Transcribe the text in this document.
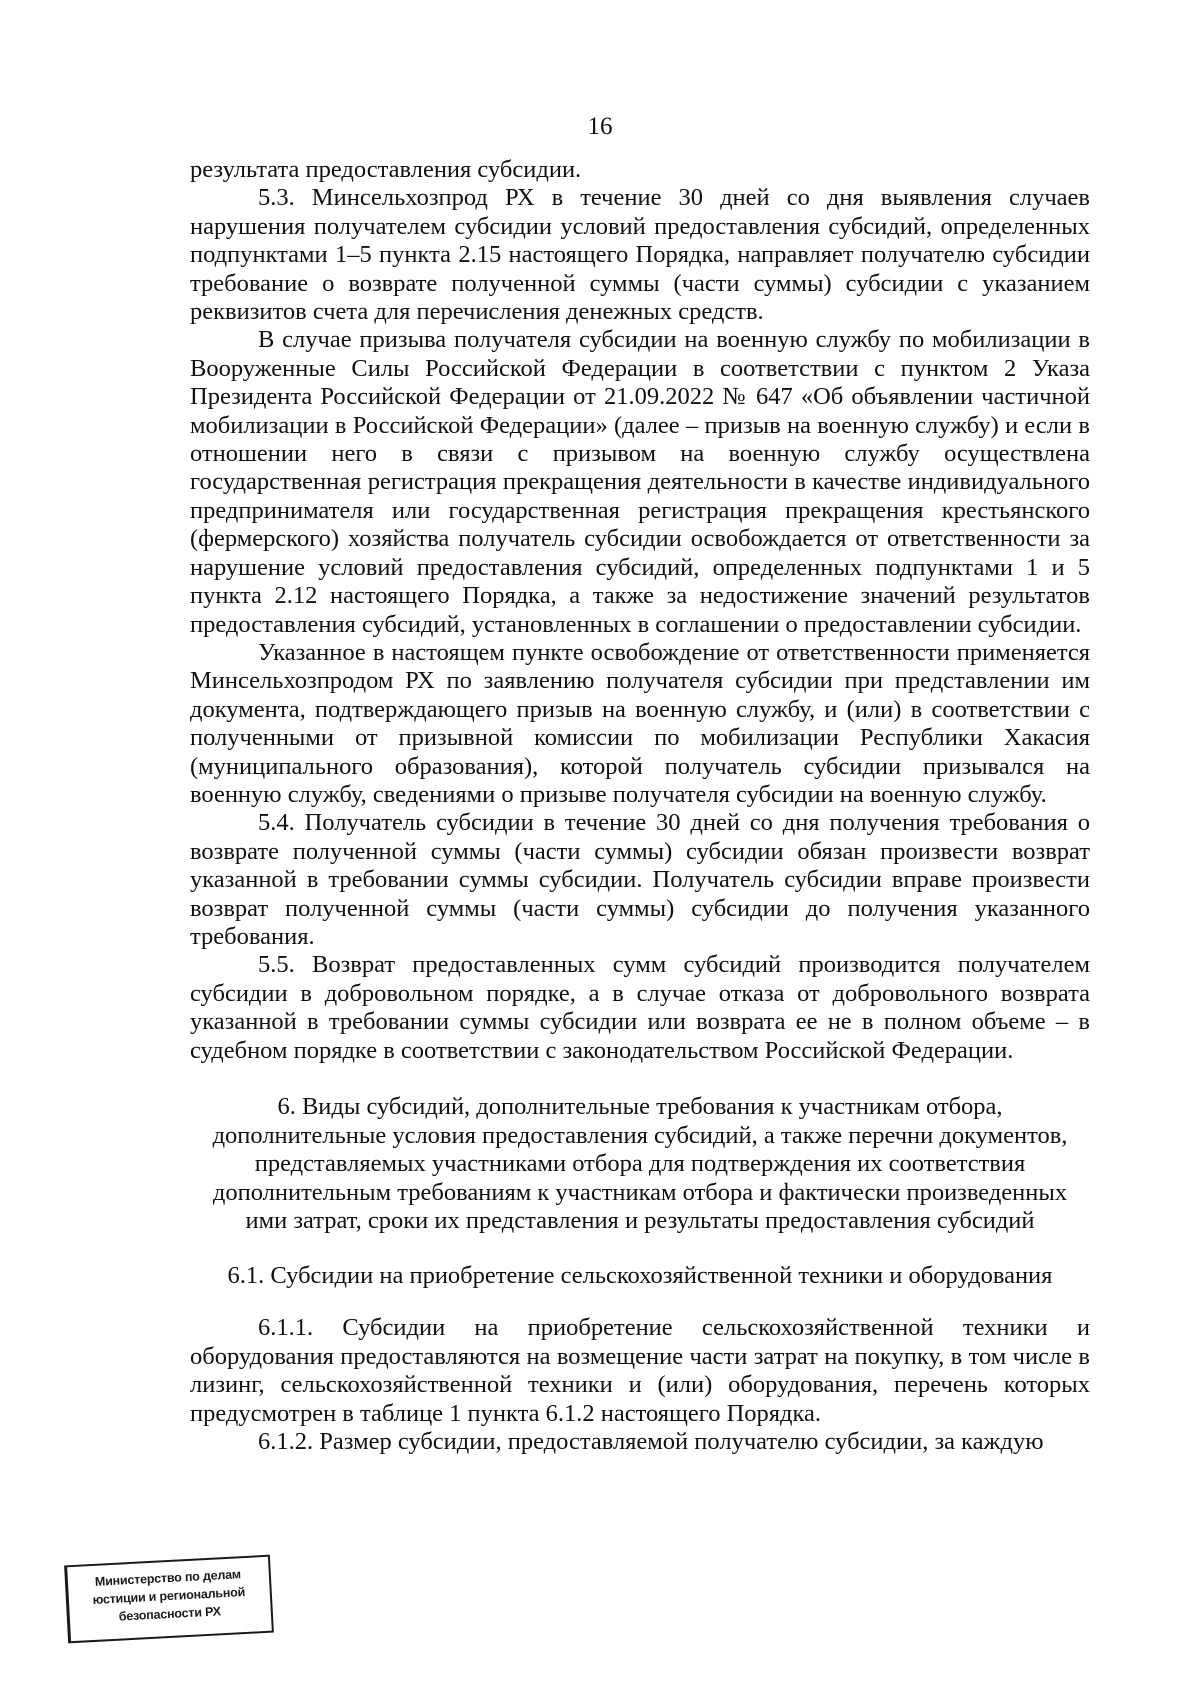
16

результата предоставления субсидии.

5.3. Минсельхозпрод РХ в течение 30 дней со дня выявления случаев нарушения получателем субсидии условий предоставления субсидий, определенных подпунктами 1–5 пункта 2.15 настоящего Порядка, направляет получателю субсидии требование о возврате полученной суммы (части суммы) субсидии с указанием реквизитов счета для перечисления денежных средств.

В случае призыва получателя субсидии на военную службу по мобилизации в Вооруженные Силы Российской Федерации в соответствии с пунктом 2 Указа Президента Российской Федерации от 21.09.2022 № 647 «Об объявлении частичной мобилизации в Российской Федерации» (далее – призыв на военную службу) и если в отношении него в связи с призывом на военную службу осуществлена государственная регистрация прекращения деятельности в качестве индивидуального предпринимателя или государственная регистрация прекращения крестьянского (фермерского) хозяйства получатель субсидии освобождается от ответственности за нарушение условий предоставления субсидий, определенных подпунктами 1 и 5 пункта 2.12 настоящего Порядка, а также за недостижение значений результатов предоставления субсидий, установленных в соглашении о предоставлении субсидии.

Указанное в настоящем пункте освобождение от ответственности применяется Минсельхозпродом РХ по заявлению получателя субсидии при представлении им документа, подтверждающего призыв на военную службу, и (или) в соответствии с полученными от призывной комиссии по мобилизации Республики Хакасия (муниципального образования), которой получатель субсидии призывался на военную службу, сведениями о призыве получателя субсидии на военную службу.

5.4. Получатель субсидии в течение 30 дней со дня получения требования о возврате полученной суммы (части суммы) субсидии обязан произвести возврат указанной в требовании суммы субсидии. Получатель субсидии вправе произвести возврат полученной суммы (части суммы) субсидии до получения указанного требования.

5.5. Возврат предоставленных сумм субсидий производится получателем субсидии в добровольном порядке, а в случае отказа от добровольного возврата указанной в требовании суммы субсидии или возврата ее не в полном объеме – в судебном порядке в соответствии с законодательством Российской Федерации.

6. Виды субсидий, дополнительные требования к участникам отбора,
дополнительные условия предоставления субсидий, а также перечни документов,
представляемых участниками отбора для подтверждения их соответствия
дополнительным требованиям к участникам отбора и фактически произведенных
ими затрат, сроки их представления и результаты предоставления субсидий
6.1. Субсидии на приобретение сельскохозяйственной техники и оборудования

6.1.1. Субсидии на приобретение сельскохозяйственной техники и оборудования предоставляются на возмещение части затрат на покупку, в том числе в лизинг, сельскохозяйственной техники и (или) оборудования, перечень которых предусмотрен в таблице 1 пункта 6.1.2 настоящего Порядка.

6.1.2. Размер субсидии, предоставляемой получателю субсидии, за каждую

Министерство по делам
юстиции и региональной
безопасности РХ
